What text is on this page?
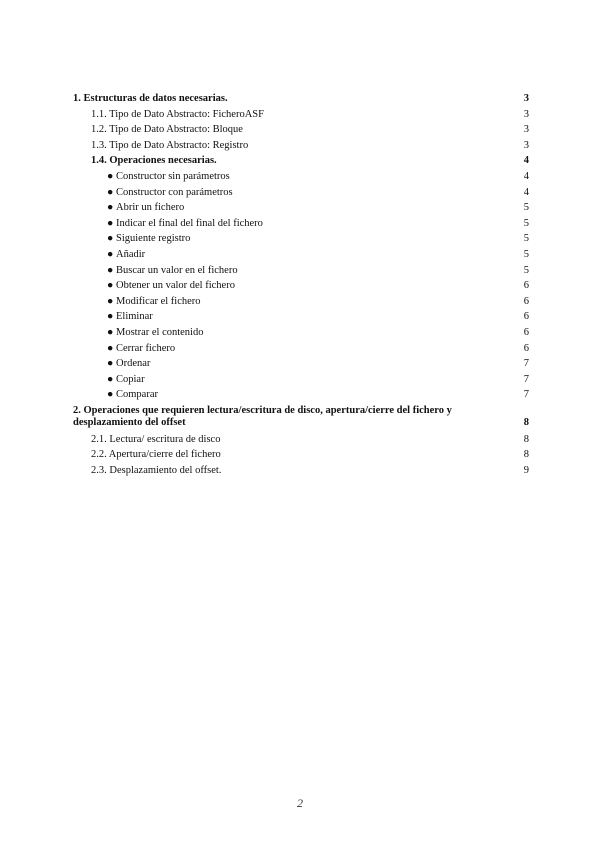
1. Estructuras de datos necesarias.	3
1.1. Tipo de Dato Abstracto: FicheroASF	3
1.2. Tipo de Dato Abstracto: Bloque	3
1.3. Tipo de Dato Abstracto: Registro	3
1.4. Operaciones necesarias.	4
● Constructor sin parámetros	4
● Constructor con parámetros	4
● Abrir un fichero	5
● Indicar el final del final del fichero	5
● Siguiente registro	5
● Añadir	5
● Buscar un valor en el fichero	5
● Obtener un valor del fichero	6
● Modificar el fichero	6
● Eliminar	6
● Mostrar el contenido	6
● Cerrar fichero	6
● Ordenar	7
● Copiar	7
● Comparar	7
2. Operaciones que requieren lectura/escritura de disco, apertura/cierre del fichero y desplazamiento del offset	8
2.1. Lectura/ escritura de disco	8
2.2. Apertura/cierre del fichero	8
2.3. Desplazamiento del offset.	9
2
